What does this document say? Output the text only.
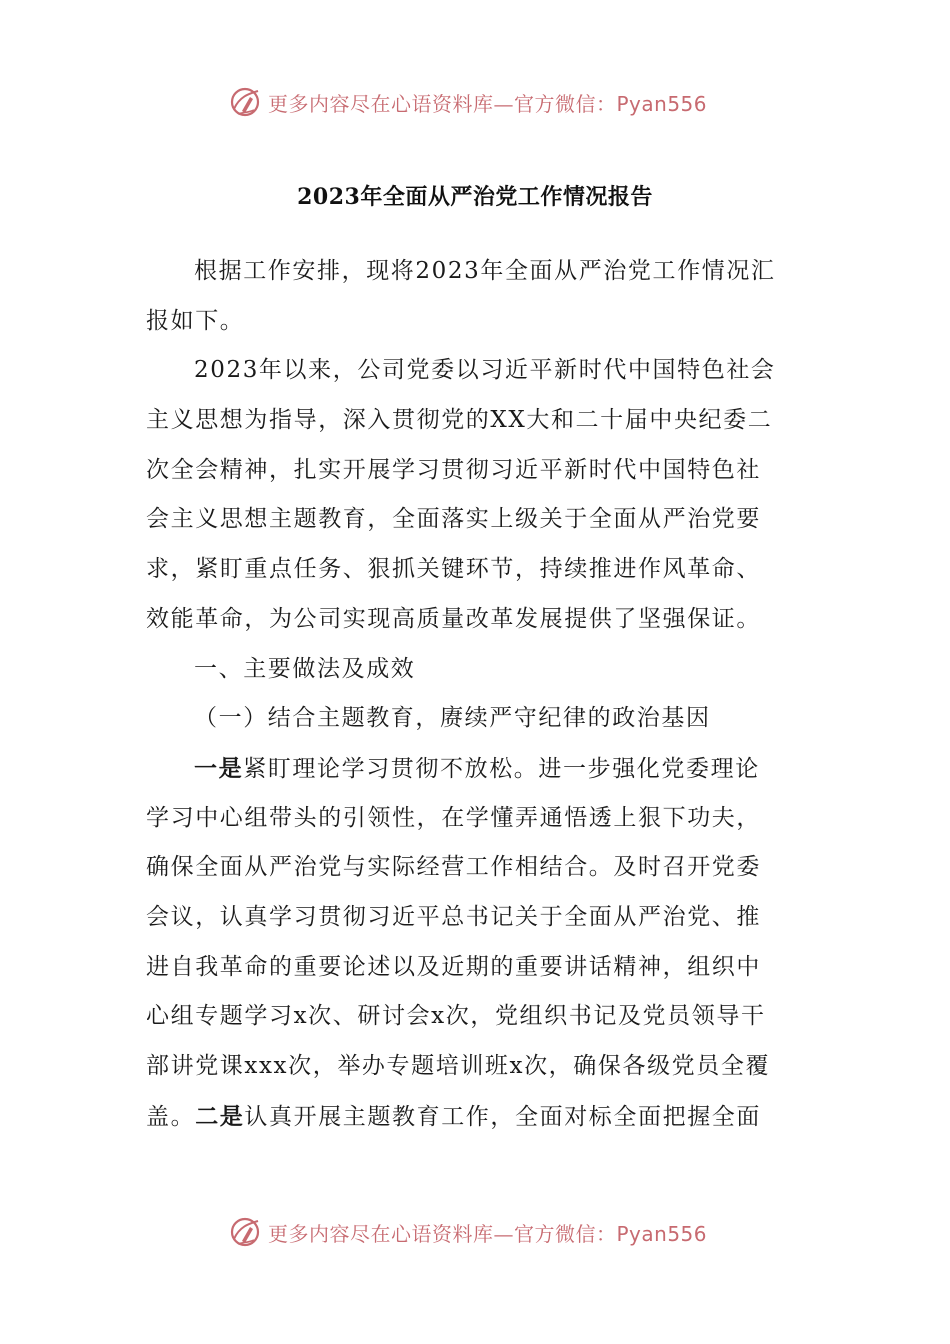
更多内容尽在心语资料库—官方微信：Pyan556
2023年全面从严治党工作情况报告
根据工作安排，现将2023年全面从严治党工作情况汇
报如下。
2023年以来，公司党委以习近平新时代中国特色社会
主义思想为指导，深入贯彻党的XX大和二十届中央纪委二
次全会精神，扎实开展学习贯彻习近平新时代中国特色社
会主义思想主题教育，全面落实上级关于全面从严治党要
求，紧盯重点任务、狠抓关键环节，持续推进作风革命、
效能革命，为公司实现高质量改革发展提供了坚强保证。
一、主要做法及成效
（一）结合主题教育，赓续严守纪律的政治基因
一是紧盯理论学习贯彻不放松。进一步强化党委理论
学习中心组带头的引领性，在学懂弄通悟透上狠下功夫，
确保全面从严治党与实际经营工作相结合。及时召开党委
会议，认真学习贯彻习近平总书记关于全面从严治党、推
进自我革命的重要论述以及近期的重要讲话精神，组织中
心组专题学习x次、研讨会x次，党组织书记及党员领导干
部讲党课xxx次，举办专题培训班x次，确保各级党员全覆
盖。二是认真开展主题教育工作，全面对标全面把握全面
更多内容尽在心语资料库—官方微信：Pyan556
